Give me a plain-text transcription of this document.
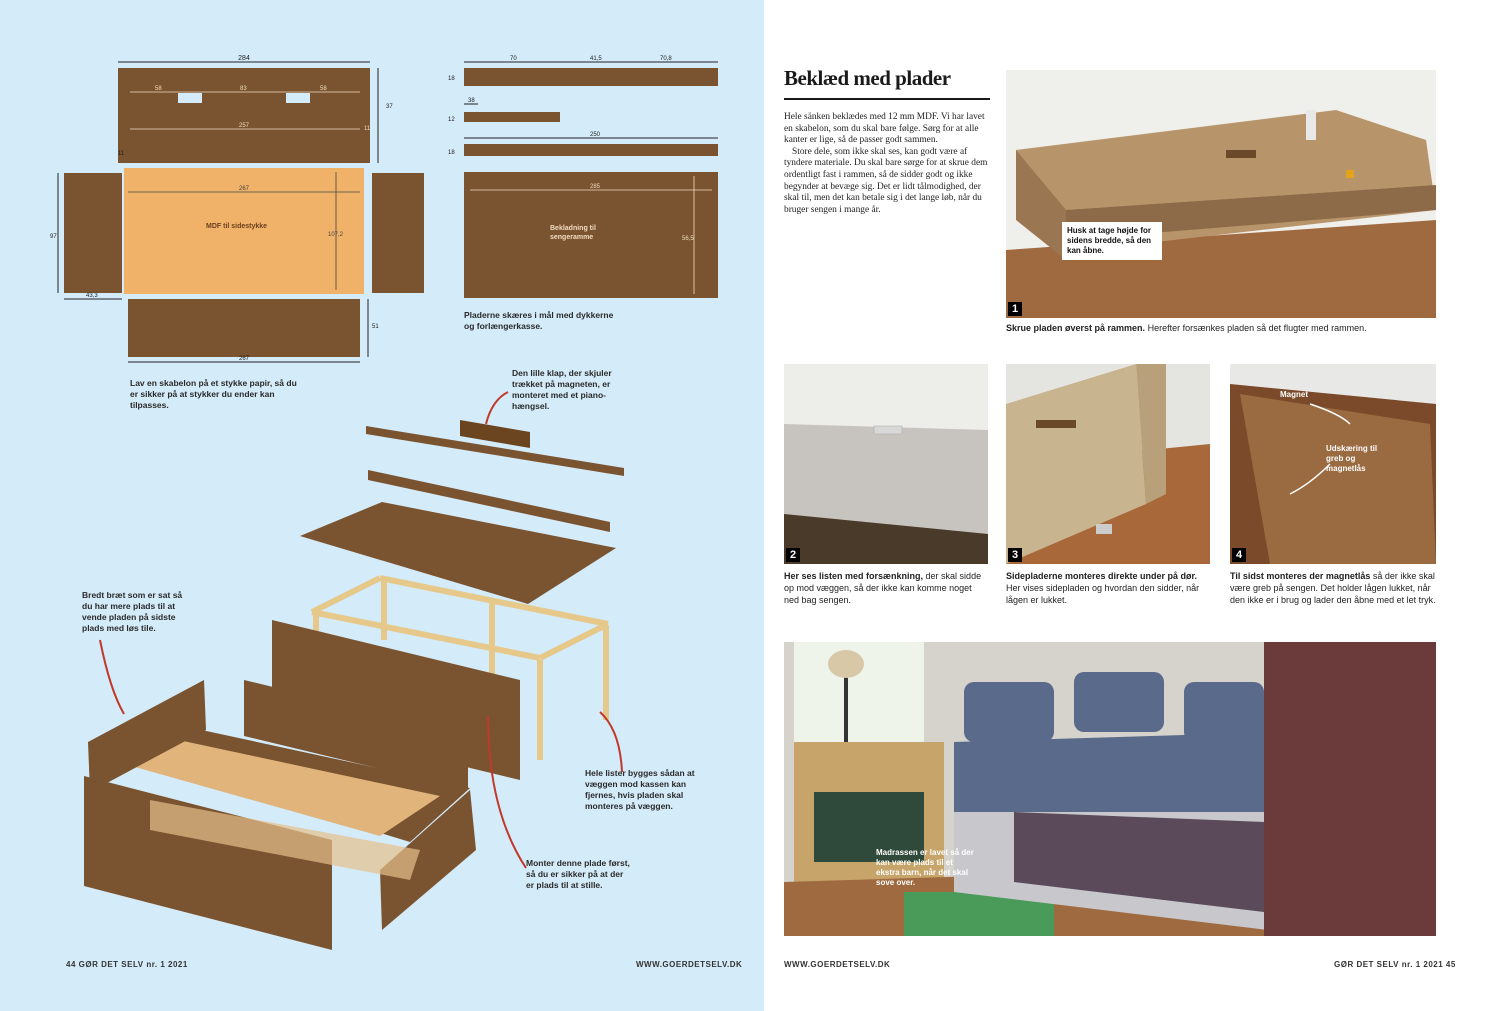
284
58	83	58
257
37
11
11
267
107,2
MDF til sidestykke
97
43,3
267
51
70	41,5	70,8
18
38
12
250
18
285
56,5
Lav en skabelon på et stykke papir, så du er sikker på at stykker du ender kan tilpasses.
Pladerne skæres i mål med dykkerne og forlængerkasse.
Bekladning til sengeramme
Den lille klap, der skjuler trækket på magneten, er monteret med et piano-hængsel.
Bredt bræt som er sat så du har mere plads til at vende pladen på sidste plads med løs tile.
Hele lister bygges sådan at væggen mod kassen kan fjernes, hvis pladen skal monteres på væggen.
Monter denne plade først, så du er sikker på at der er plads til at stille.
44 GØR DET SELV nr. 1 2021	WWW.GOERDETSELV.DK
Beklæd med plader

Hele sänken beklædes med 12 mm MDF. Vi har lavet en skabelon, som du skal bare følge. Sørg for at alle kanter er lige, så de passer godt sammen.

Store dele, som ikke skal ses, kan godt være af tyndere materiale. Du skal bare sørge for at skrue dem ordentligt fast i rammen, så de sidder godt og ikke begynder at bevæge sig. Det er lidt tålmodighed, der skal til, men det kan betale sig i det lange løb, når du bruger sengen i mange år.

Husk at tage højde for sidens bredde, så den kan åbne.
1
Skrue pladen øverst på rammen. Herefter forsænkes pladen så det flugter med rammen.
2
Her ses listen med forsænkning, der skal sidde op mod væggen, så der ikke kan komme noget ned bag sengen.
3
Sidepladerne monteres direkte under på dør. Her vises sidepladen og hvordan den sidder, når lågen er lukket.
Magnet
Udskæring til greb og magnetlås
4
Til sidst monteres der magnetlås så der ikke skal være greb på sengen. Det holder lågen lukket, når den ikke er i brug og lader den åbne med et let tryk.
Madrassen er lavet så der kan være plads til et ekstra barn, når det skal sove over.
WWW.GOERDETSELV.DK	GØR DET SELV nr. 1 2021 45
